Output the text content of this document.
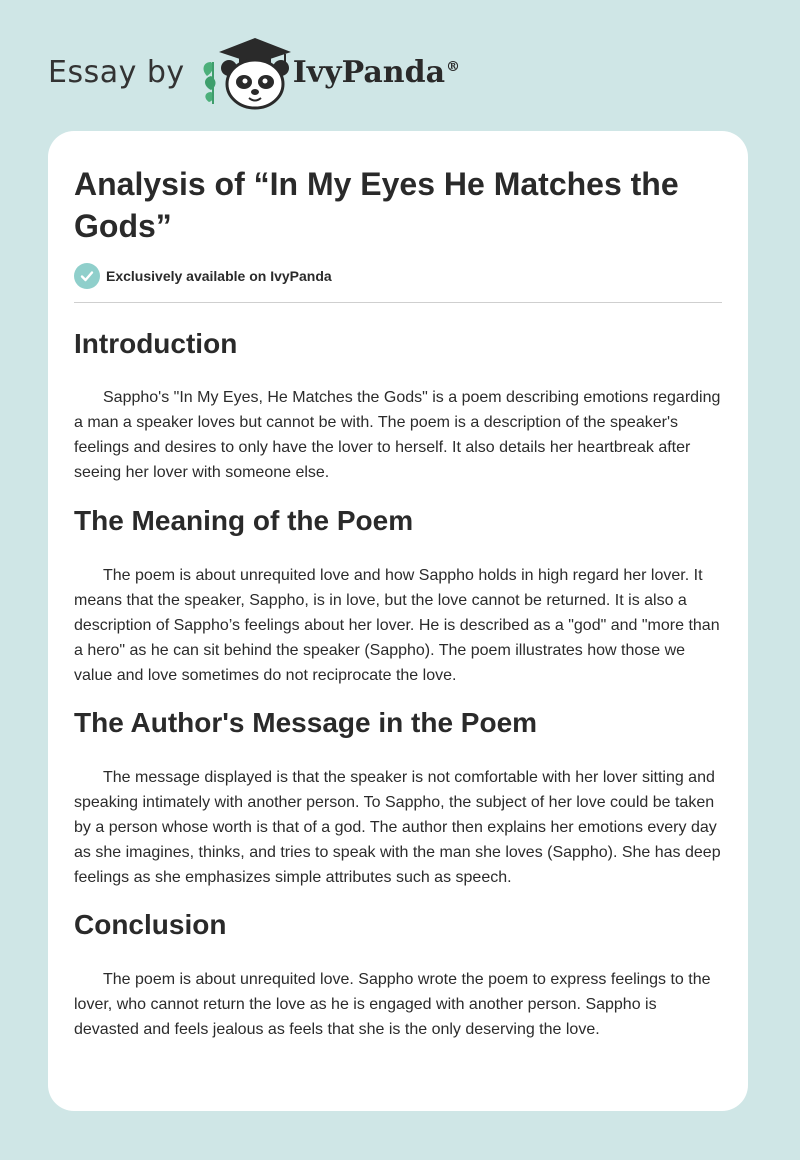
Essay by	IvyPanda®
Analysis of “In My Eyes He Matches the Gods”
Exclusively available on IvyPanda
Introduction

Sappho's "In My Eyes, He Matches the Gods" is a poem describing emotions regarding a man a speaker loves but cannot be with. The poem is a description of the speaker's feelings and desires to only have the lover to herself. It also details her heartbreak after seeing her lover with someone else.

The Meaning of the Poem

The poem is about unrequited love and how Sappho holds in high regard her lover. It means that the speaker, Sappho, is in love, but the love cannot be returned. It is also a description of Sappho’s feelings about her lover. He is described as a "god" and "more than a hero" as he can sit behind the speaker (Sappho). The poem illustrates how those we value and love sometimes do not reciprocate the love.

The Author's Message in the Poem

The message displayed is that the speaker is not comfortable with her lover sitting and speaking intimately with another person. To Sappho, the subject of her love could be taken by a person whose worth is that of a god. The author then explains her emotions every day as she imagines, thinks, and tries to speak with the man she loves (Sappho). She has deep feelings as she emphasizes simple attributes such as speech.

Conclusion

The poem is about unrequited love. Sappho wrote the poem to express feelings to the lover, who cannot return the love as he is engaged with another person. Sappho is devasted and feels jealous as feels that she is the only deserving the love.
